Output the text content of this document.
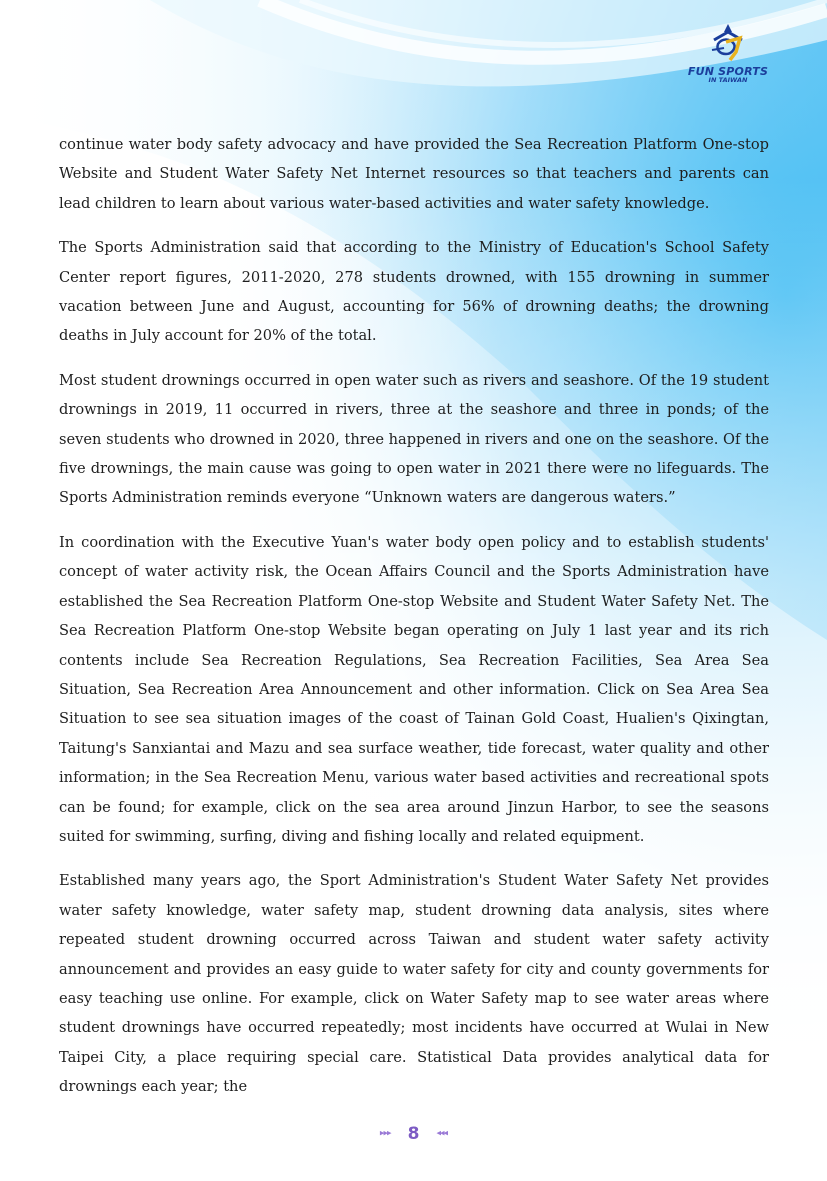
FUN SPORTS
IN TAIWAN

continue water body safety advocacy and have provided the Sea Recreation Platform One-stop Website and Student Water Safety Net Internet resources so that teachers and parents can lead children to learn about various water-based activities and water safety knowledge.

The Sports Administration said that according to the Ministry of Education's School Safety Center report figures, 2011-2020, 278 students drowned, with 155 drowning in summer vacation between June and August, accounting for 56% of drowning deaths; the drowning deaths in July account for 20% of the total.

Most student drownings occurred in open water such as rivers and seashore. Of the 19 student drownings in 2019, 11 occurred in rivers, three at the seashore and three in ponds; of the seven students who drowned in 2020, three happened in rivers and one on the seashore. Of the five drownings, the main cause was going to open water in 2021 there were no lifeguards. The Sports Administration reminds everyone “Unknown waters are dangerous waters.”

In coordination with the Executive Yuan's water body open policy and to establish students' concept of water activity risk, the Ocean Affairs Council and the Sports Administration have established the Sea Recreation Platform One-stop Website and Student Water Safety Net. The Sea Recreation Platform One-stop Website began operating on July 1 last year and its rich contents include Sea Recreation Regulations, Sea Recreation Facilities, Sea Area Sea Situation, Sea Recreation Area Announcement and other information. Click on Sea Area Sea Situation to see sea situation images of the coast of Tainan Gold Coast, Hualien's Qixingtan, Taitung's Sanxiantai and Mazu and sea surface weather, tide forecast, water quality and other information; in the Sea Recreation Menu, various water based activities and recreational spots can be found; for example, click on the sea area around Jinzun Harbor, to see the seasons suited for swimming, surfing, diving and fishing locally and related equipment.

Established many years ago, the Sport Administration's Student Water Safety Net provides water safety knowledge, water safety map, student drowning data analysis, sites where repeated student drowning occurred across Taiwan and student water safety activity announcement and provides an easy guide to water safety for city and county governments for easy teaching use online. For example, click on Water Safety map to see water areas where student drownings have occurred repeatedly; most incidents have occurred at Wulai in New Taipei City, a place requiring special care. Statistical Data provides analytical data for drownings each year; the

▸▸▸ 8 ◂◂◂
